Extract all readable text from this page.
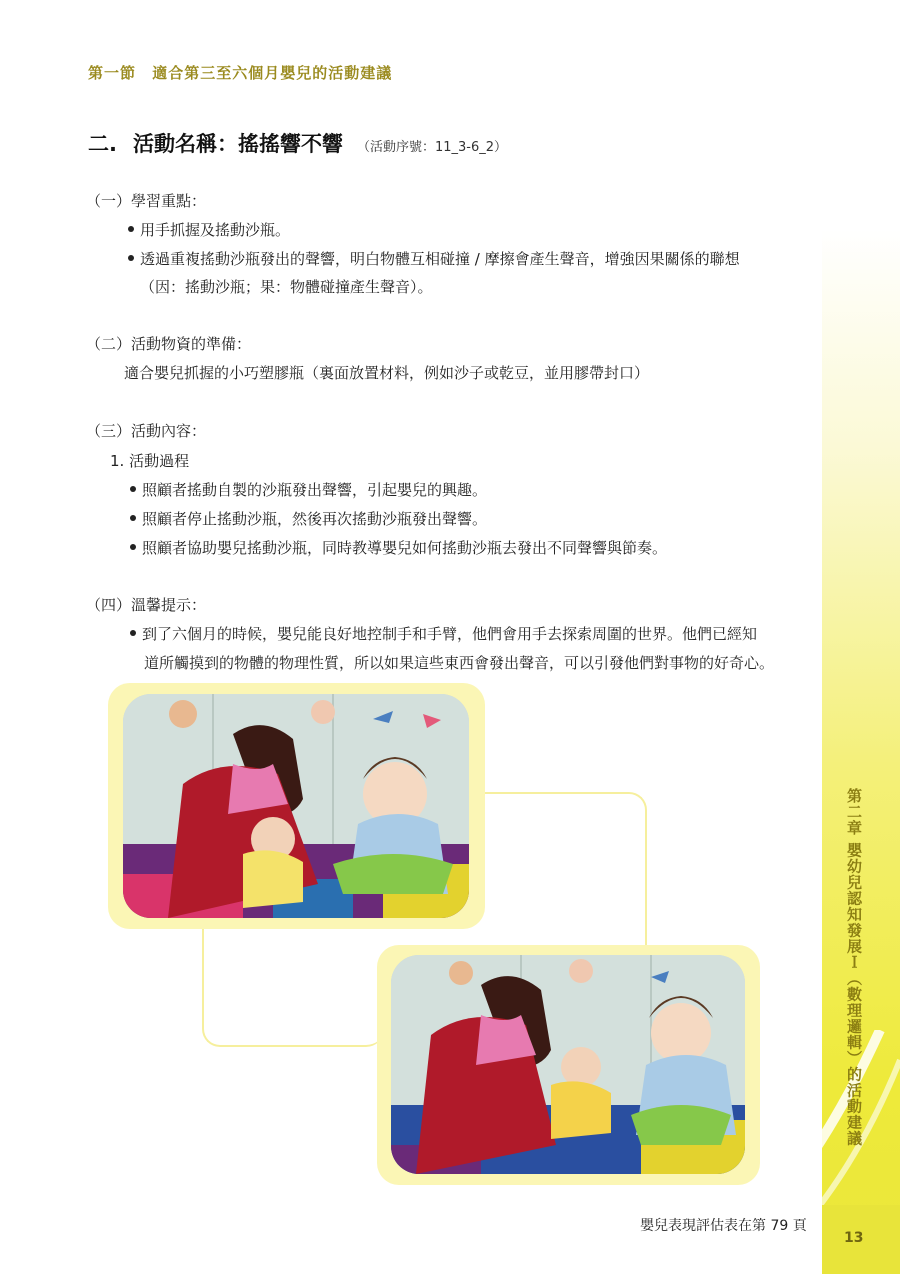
第一節 適合第三至六個月嬰兒的活動建議
二. 活動名稱：搖搖響不響 （活動序號：11_3-6_2）
（一）學習重點：
用手抓握及搖動沙瓶。
透過重複搖動沙瓶發出的聲響，明白物體互相碰撞 / 摩擦會產生聲音，增強因果關係的聯想
（因：搖動沙瓶；果：物體碰撞產生聲音）。
（二）活動物資的準備：
適合嬰兒抓握的小巧塑膠瓶（裏面放置材料，例如沙子或乾豆，並用膠帶封口）
（三）活動內容：
1. 活動過程
照顧者搖動自製的沙瓶發出聲響，引起嬰兒的興趣。
照顧者停止搖動沙瓶，然後再次搖動沙瓶發出聲響。
照顧者協助嬰兒搖動沙瓶，同時教導嬰兒如何搖動沙瓶去發出不同聲響與節奏。
（四）溫馨提示：
到了六個月的時候，嬰兒能良好地控制手和手臂，他們會用手去探索周圍的世界。他們已經知
道所觸摸到的物體的物理性質，所以如果這些東西會發出聲音，可以引發他們對事物的好奇心。
第二章 嬰幼兒認知發展Ｉ（數理邏輯）的活動建議
13
嬰兒表現評估表在第 79 頁
